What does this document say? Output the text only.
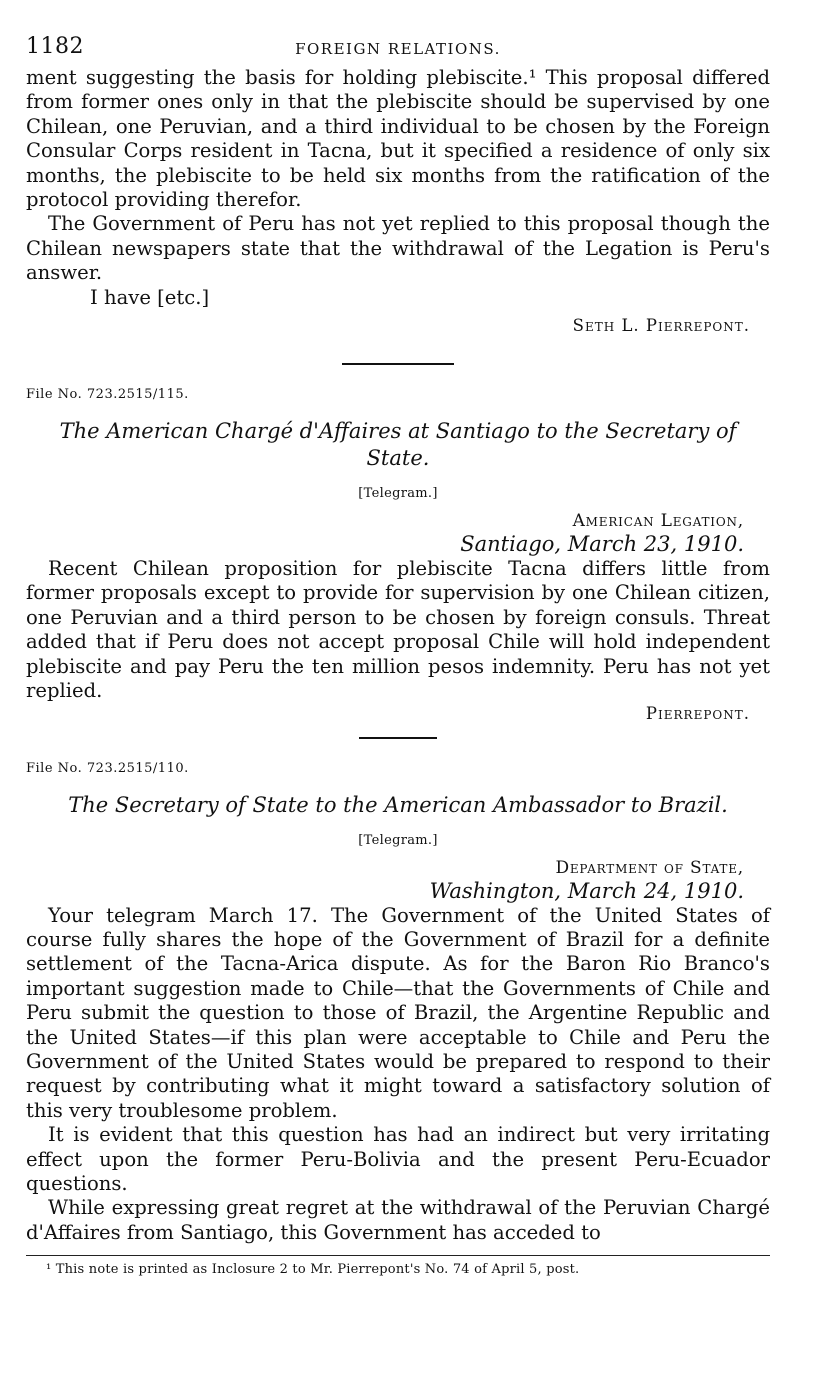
1182	FOREIGN RELATIONS.

ment suggesting the basis for holding plebiscite.¹ This proposal differed from former ones only in that the plebiscite should be supervised by one Chilean, one Peruvian, and a third individual to be chosen by the Foreign Consular Corps resident in Tacna, but it specified a residence of only six months, the plebiscite to be held six months from the ratification of the protocol providing therefor.

The Government of Peru has not yet replied to this proposal though the Chilean newspapers state that the withdrawal of the Legation is Peru's answer.

I have [etc.]
Seth L. Pierrepont.
File No. 723.2515/115.
The American Chargé d'Affaires at Santiago to the Secretary of State.
[Telegram.]
American Legation,
Santiago, March 23, 1910.

Recent Chilean proposition for plebiscite Tacna differs little from former proposals except to provide for supervision by one Chilean citizen, one Peruvian and a third person to be chosen by foreign consuls. Threat added that if Peru does not accept proposal Chile will hold independent plebiscite and pay Peru the ten million pesos indemnity. Peru has not yet replied.

Pierrepont.
File No. 723.2515/110.
The Secretary of State to the American Ambassador to Brazil.
[Telegram.]
Department of State,
Washington, March 24, 1910.

Your telegram March 17. The Government of the United States of course fully shares the hope of the Government of Brazil for a definite settlement of the Tacna-Arica dispute. As for the Baron Rio Branco's important suggestion made to Chile—that the Governments of Chile and Peru submit the question to those of Brazil, the Argentine Republic and the United States—if this plan were acceptable to Chile and Peru the Government of the United States would be prepared to respond to their request by contributing what it might toward a satisfactory solution of this very troublesome problem.

It is evident that this question has had an indirect but very irritating effect upon the former Peru-Bolivia and the present Peru-Ecuador questions.

While expressing great regret at the withdrawal of the Peruvian Chargé d'Affaires from Santiago, this Government has acceded to

¹ This note is printed as Inclosure 2 to Mr. Pierrepont's No. 74 of April 5, post.
